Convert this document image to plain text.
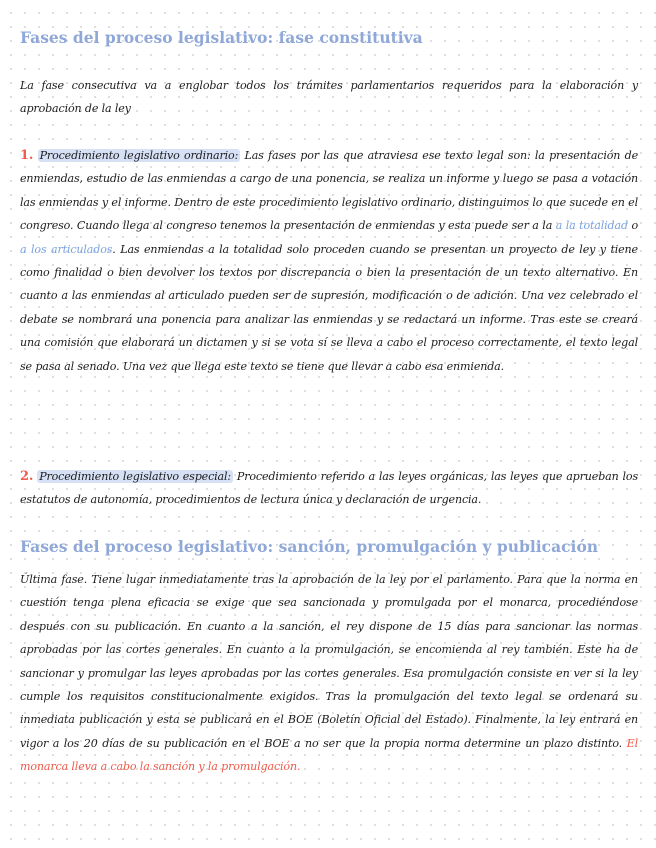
Fases del proceso legislativo: fase constitutiva

La fase consecutiva va a englobar todos los trámites parlamentarios requeridos para la elaboración y aprobación de la ley

1. Procedimiento legislativo ordinario: Las fases por las que atraviesa ese texto legal son: la presentación de enmiendas, estudio de las enmiendas a cargo de una ponencia, se realiza un informe y luego se pasa a votación las enmiendas y el informe. Dentro de este procedimiento legislativo ordinario, distinguimos lo que sucede en el congreso. Cuando llega al congreso tenemos la presentación de enmiendas y esta puede ser a la a la totalidad o a los articulados. Las enmiendas a la totalidad solo proceden cuando se presentan un proyecto de ley y tiene como finalidad o bien devolver los textos por discrepancia o bien la presentación de un texto alternativo. En cuanto a las enmiendas al articulado pueden ser de supresión, modificación o de adición. Una vez celebrado el debate se nombrará una ponencia para analizar las enmiendas y se redactará un informe. Tras este se creará una comisión que elaborará un dictamen y si se vota sí se lleva a cabo el proceso correctamente, el texto legal se pasa al senado. Una vez que llega este texto se tiene que llevar a cabo esa enmienda.

2. Procedimiento legislativo especial: Procedimiento referido a las leyes orgánicas, las leyes que aprueban los estatutos de autonomía, procedimientos de lectura única y declaración de urgencia.

Fases del proceso legislativo: sanción, promulgación y publicación

Última fase. Tiene lugar inmediatamente tras la aprobación de la ley por el parlamento. Para que la norma en cuestión tenga plena eficacia se exige que sea sancionada y promulgada por el monarca, procediéndose después con su publicación. En cuanto a la sanción, el rey dispone de 15 días para sancionar las normas aprobadas por las cortes generales. En cuanto a la promulgación, se encomienda al rey también. Este ha de sancionar y promulgar las leyes aprobadas por las cortes generales. Esa promulgación consiste en ver si la ley cumple los requisitos constitucionalmente exigidos. Tras la promulgación del texto legal se ordenará su inmediata publicación y esta se publicará en el BOE (Boletín Oficial del Estado). Finalmente, la ley entrará en vigor a los 20 días de su publicación en el BOE a no ser que la propia norma determine un plazo distinto. El monarca lleva a cabo la sanción y la promulgación.
